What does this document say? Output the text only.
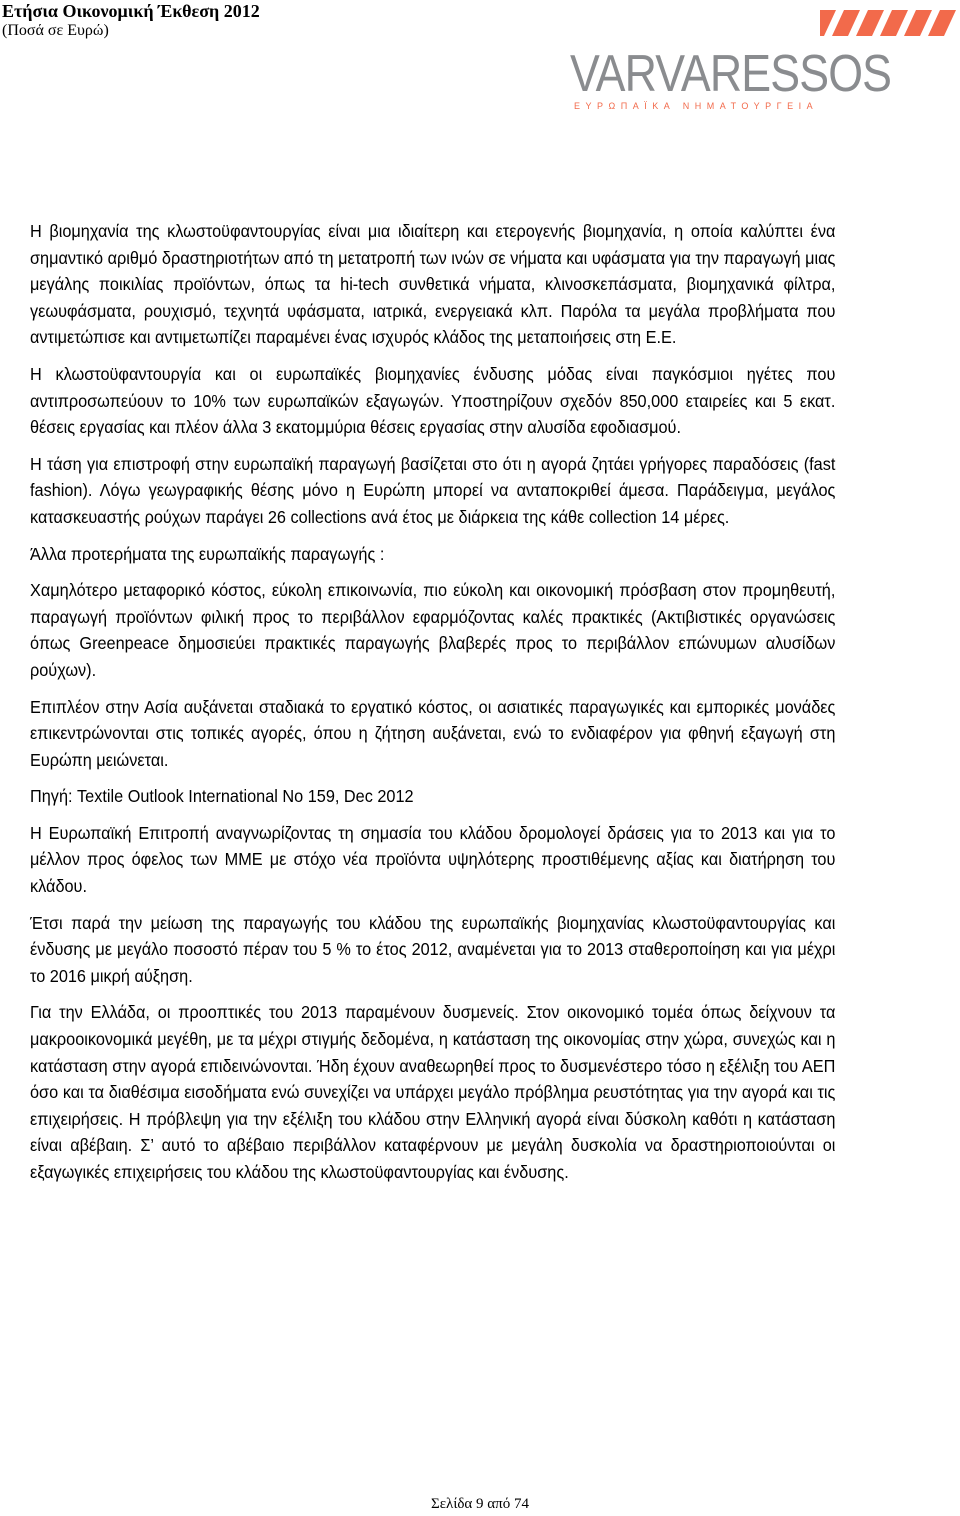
Ετήσια Οικονομική Έκθεση 2012
(Ποσά σε Ευρώ)
VARVARESSOS
ΕΥΡΩΠΑΪΚΑ ΝΗΜΑΤΟΥΡΓΕΙΑ

Η βιομηχανία της κλωστοϋφαντουργίας είναι μια ιδιαίτερη και ετερογενής βιομηχανία, η οποία καλύπτει ένα σημαντικό αριθμό δραστηριοτήτων από τη μετατροπή των ινών σε νήματα και υφάσματα για την παραγωγή μιας μεγάλης ποικιλίας προϊόντων, όπως τα hi-tech συνθετικά νήματα, κλινοσκεπάσματα, βιομηχανικά φίλτρα, γεωυφάσματα, ρουχισμό, τεχνητά υφάσματα, ιατρικά, ενεργειακά κλπ. Παρόλα τα μεγάλα προβλήματα που αντιμετώπισε και αντιμετωπίζει παραμένει ένας ισχυρός κλάδος της μεταποιήσεις στη Ε.Ε.

Η κλωστοϋφαντουργία και οι ευρωπαϊκές βιομηχανίες ένδυσης μόδας είναι παγκόσμιοι ηγέτες που αντιπροσωπεύουν το 10% των ευρωπαϊκών εξαγωγών. Υποστηρίζουν σχεδόν 850,000 εταιρείες και 5 εκατ. θέσεις εργασίας και πλέον άλλα 3 εκατομμύρια θέσεις εργασίας στην αλυσίδα εφοδιασμού.

Η τάση για επιστροφή στην ευρωπαϊκή παραγωγή βασίζεται στο ότι η αγορά ζητάει γρήγορες παραδόσεις (fast fashion). Λόγω γεωγραφικής θέσης μόνο η Ευρώπη μπορεί να ανταποκριθεί άμεσα. Παράδειγμα, μεγάλος κατασκευαστής ρούχων παράγει 26 collections ανά έτος με διάρκεια της κάθε collection 14 μέρες.

Άλλα προτερήματα της ευρωπαϊκής παραγωγής :

Χαμηλότερο μεταφορικό κόστος, εύκολη επικοινωνία, πιο εύκολη και οικονομική πρόσβαση στον προμηθευτή, παραγωγή προϊόντων φιλική προς το περιβάλλον εφαρμόζοντας καλές πρακτικές (Ακτιβιστικές οργανώσεις όπως Greenpeace δημοσιεύει πρακτικές παραγωγής βλαβερές προς το περιβάλλον επώνυμων αλυσίδων ρούχων).

Επιπλέον στην Ασία αυξάνεται σταδιακά το εργατικό κόστος, οι ασιατικές παραγωγικές και εμπορικές μονάδες επικεντρώνονται στις τοπικές αγορές, όπου η ζήτηση αυξάνεται, ενώ το ενδιαφέρον για φθηνή εξαγωγή στη Ευρώπη μειώνεται.

Πηγή: Textile Outlook International No 159, Dec 2012

Η Ευρωπαϊκή Επιτροπή αναγνωρίζοντας τη σημασία του κλάδου δρομολογεί δράσεις για το 2013 και για το μέλλον προς όφελος των ΜΜΕ με στόχο νέα προϊόντα υψηλότερης προστιθέμενης αξίας και διατήρηση του κλάδου.

Έτσι παρά την μείωση της παραγωγής του κλάδου της ευρωπαϊκής βιομηχανίας κλωστοϋφαντουργίας και ένδυσης με μεγάλο ποσοστό πέραν του 5 % το έτος 2012, αναμένεται για το 2013 σταθεροποίηση και για μέχρι το 2016 μικρή αύξηση.

Για την Ελλάδα, οι προοπτικές του 2013 παραμένουν δυσμενείς. Στον οικονομικό τομέα όπως δείχνουν τα μακροοικονομικά μεγέθη, με τα μέχρι στιγμής δεδομένα, η κατάσταση της οικονομίας στην χώρα, συνεχώς και η κατάσταση στην αγορά επιδεινώνονται. Ήδη έχουν αναθεωρηθεί προς το δυσμενέστερο τόσο η εξέλιξη του ΑΕΠ όσο και τα διαθέσιμα εισοδήματα ενώ συνεχίζει να υπάρχει μεγάλο πρόβλημα ρευστότητας για την αγορά και τις επιχειρήσεις. Η πρόβλεψη για την εξέλιξη του κλάδου στην Ελληνική αγορά είναι δύσκολη καθότι η κατάσταση είναι αβέβαιη. Σ’ αυτό το αβέβαιο περιβάλλον καταφέρνουν με μεγάλη δυσκολία να δραστηριοποιούνται οι εξαγωγικές επιχειρήσεις του κλάδου της κλωστοϋφαντουργίας και ένδυσης.

Σελίδα 9 από 74
